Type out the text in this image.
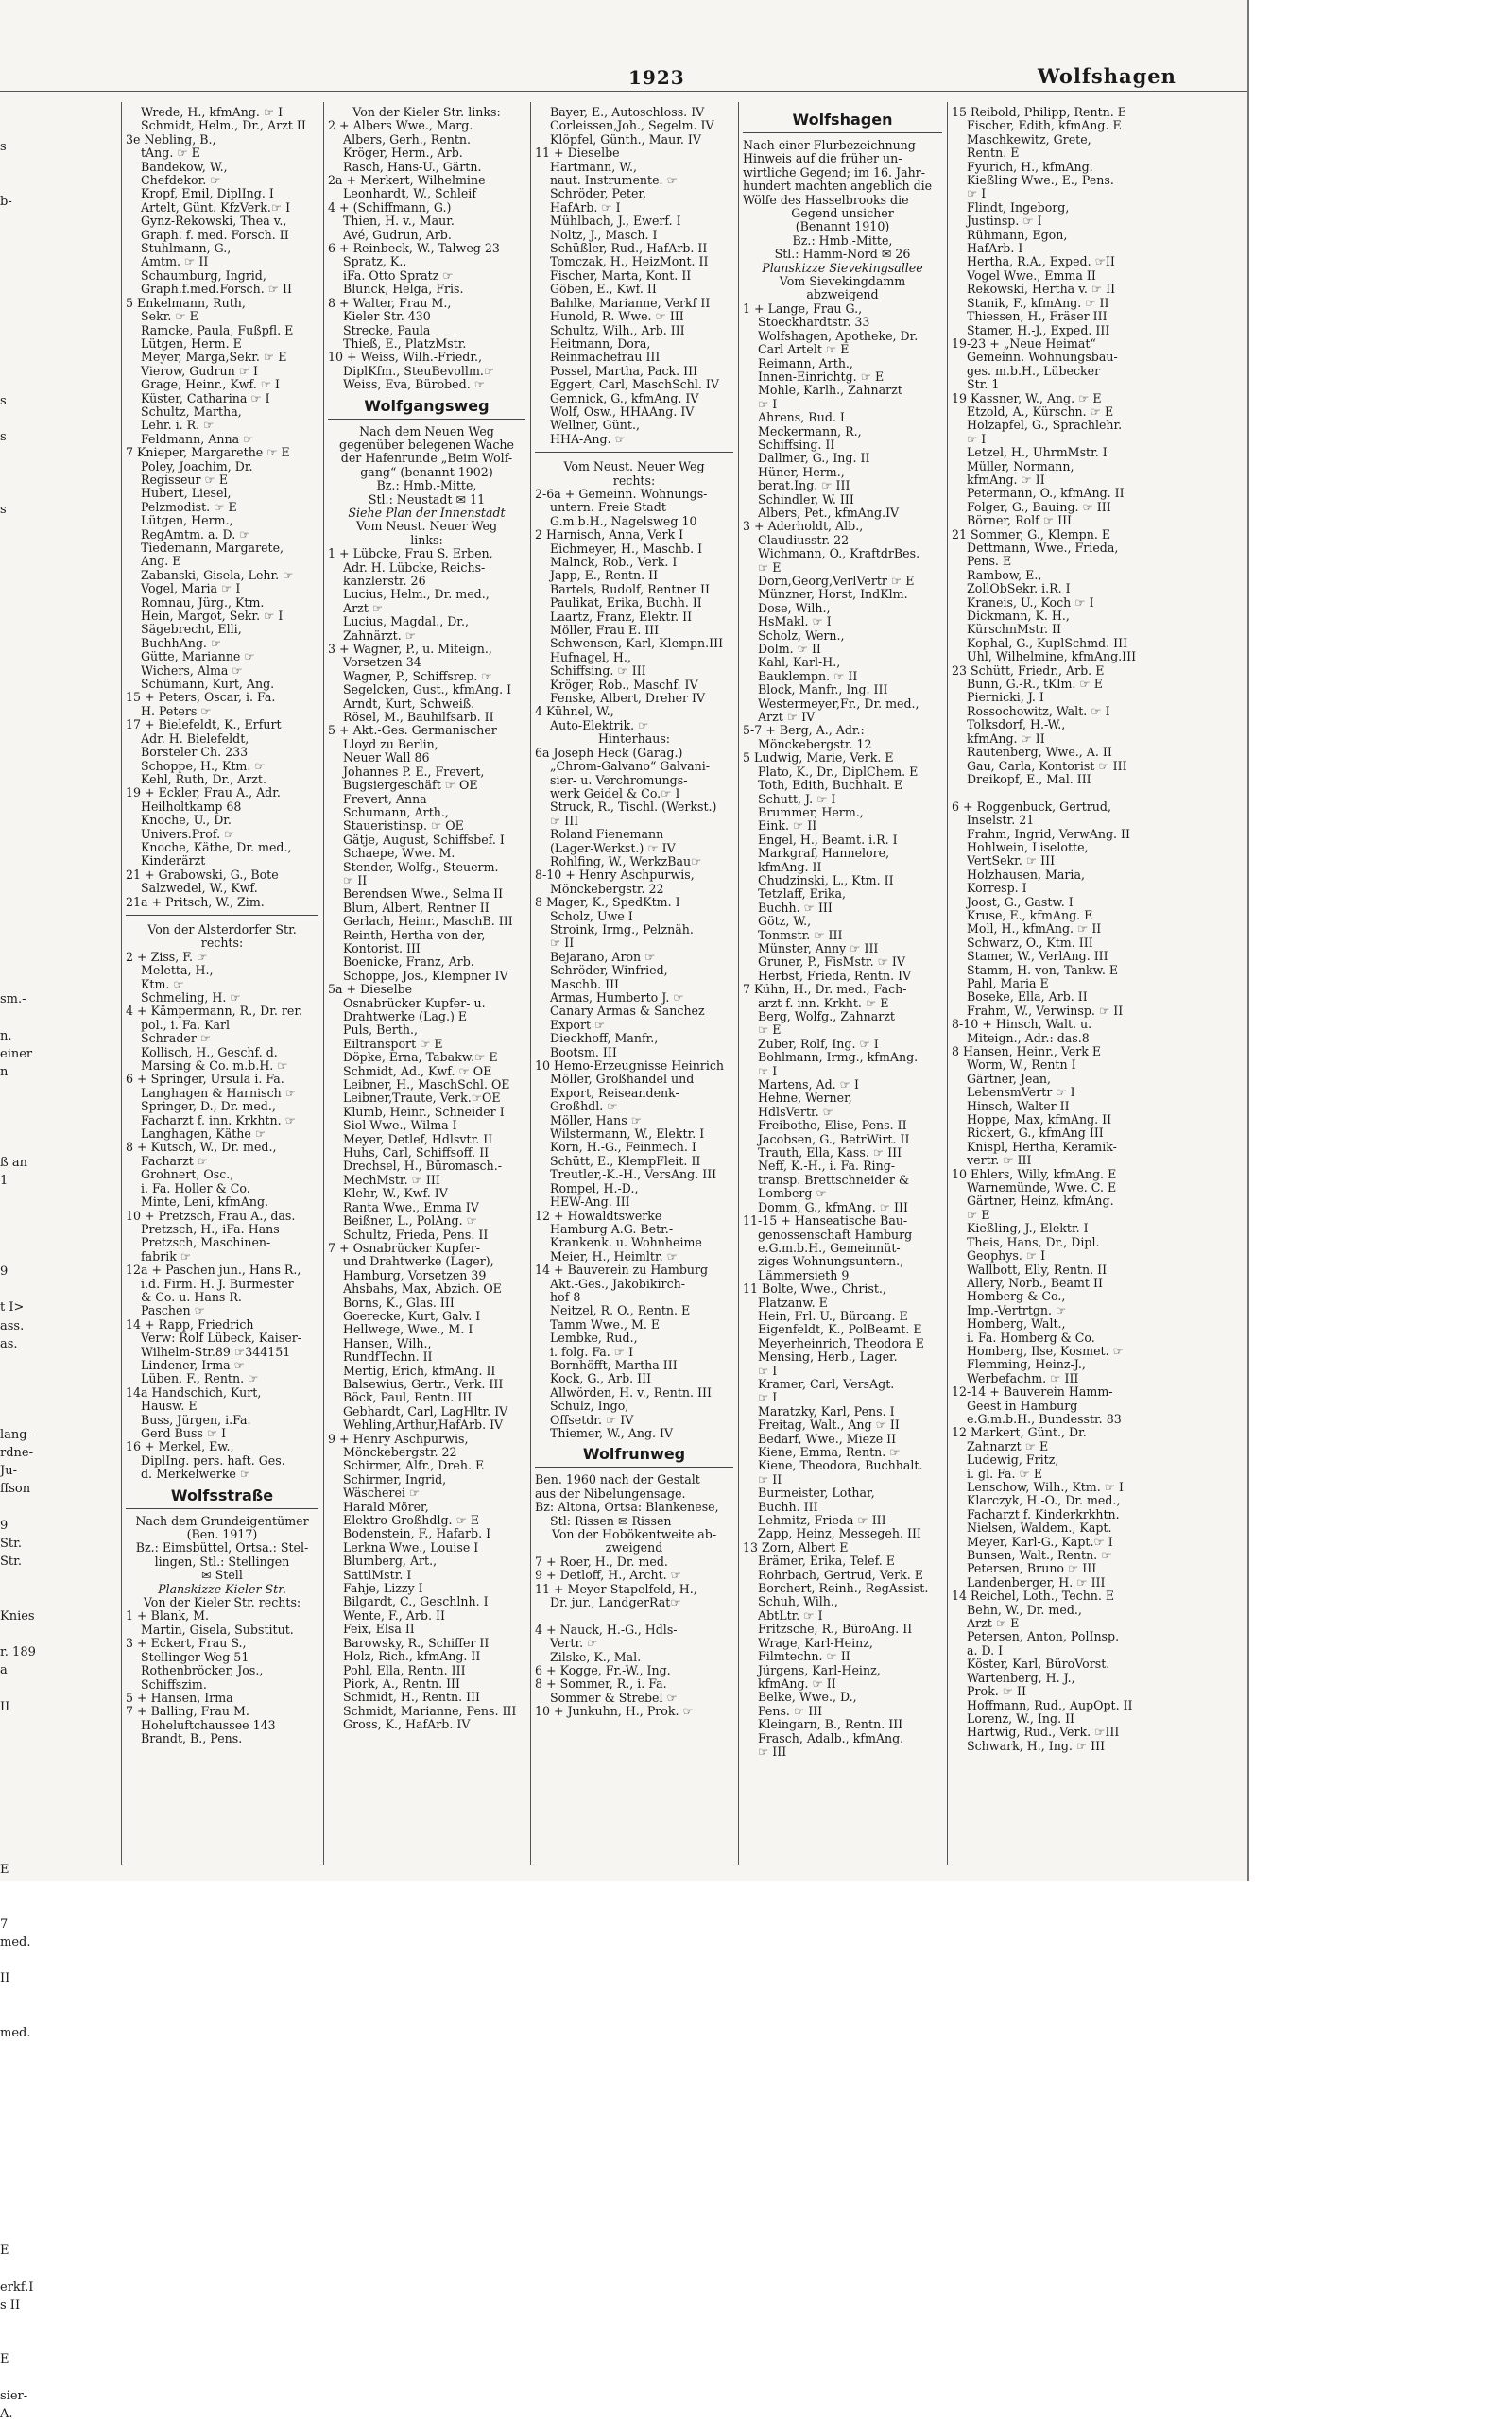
1923	Wolfshagen
s
b-
s
s
s
sm.-
n.
einer
n
ß an
1
9
t I>
ass.
as.
lang-
rdne-
Ju-
ffson
9
Str.
Str.
Knies
r. 189
a
II
E
7
med.
II
med.
E
erkf.I
s II
E
sier-
A.
Wrede, H., kfmAng. ☞ I
Schmidt, Helm., Dr., Arzt II
3e Nebling, B.,
tAng. ☞ E
Bandekow, W.,
Chefdekor. ☞
Kropf, Emil, DiplIng. I
Artelt, Günt. KfzVerk.☞ I
Gynz-Rekowski, Thea v.,
Graph. f. med. Forsch. II
Stuhlmann, G.,
Amtm. ☞ II
Schaumburg, Ingrid,
Graph.f.med.Forsch. ☞ II
5 Enkelmann, Ruth,
Sekr. ☞ E
Ramcke, Paula, Fußpfl. E
Lütgen, Herm. E
Meyer, Marga,Sekr. ☞ E
Vierow, Gudrun ☞ I
Grage, Heinr., Kwf. ☞ I
Küster, Catharina ☞ I
Schultz, Martha,
Lehr. i. R. ☞
Feldmann, Anna ☞
7 Knieper, Margarethe ☞ E
Poley, Joachim, Dr.
Regisseur ☞ E
Hubert, Liesel,
Pelzmodist. ☞ E
Lütgen, Herm.,
RegAmtm. a. D. ☞
Tiedemann, Margarete,
Ang. E
Zabanski, Gisela, Lehr. ☞
Vogel, Maria ☞ I
Romnau, Jürg., Ktm.
Hein, Margot, Sekr. ☞ I
Sägebrecht, Elli,
BuchhAng. ☞
Gütte, Marianne ☞
Wichers, Alma ☞
Schümann, Kurt, Ang.
15 + Peters, Oscar, i. Fa.
H. Peters ☞
17 + Bielefeldt, K., Erfurt
Adr. H. Bielefeldt,
Borsteler Ch. 233
Schoppe, H., Ktm. ☞
Kehl, Ruth, Dr., Arzt.
19 + Eckler, Frau A., Adr.
Heilholtkamp 68
Knoche, U., Dr.
Univers.Prof. ☞
Knoche, Käthe, Dr. med.,
Kinderärzt
21 + Grabowski, G., Bote
Salzwedel, W., Kwf.
21a + Pritsch, W., Zim.
Von der Alsterdorfer Str.
rechts:
2 + Ziss, F. ☞
Meletta, H.,
Ktm. ☞
Schmeling, H. ☞
4 + Kämpermann, R., Dr. rer.
pol., i. Fa. Karl
Schrader ☞
Kollisch, H., Geschf. d.
Marsing & Co. m.b.H. ☞
6 + Springer, Ursula i. Fa.
Langhagen & Harnisch ☞
Springer, D., Dr. med.,
Facharzt f. inn. Krkhtn. ☞
Langhagen, Käthe ☞
8 + Kutsch, W., Dr. med.,
Facharzt ☞
Grohnert, Osc.,
i. Fa. Holler & Co.
Minte, Leni, kfmAng.
10 + Pretzsch, Frau A., das.
Pretzsch, H., iFa. Hans
Pretzsch, Maschinen-
fabrik ☞
12a + Paschen jun., Hans R.,
i.d. Firm. H. J. Burmester
& Co. u. Hans R.
Paschen ☞
14 + Rapp, Friedrich
Verw: Rolf Lübeck, Kaiser-
Wilhelm-Str.89 ☞344151
Lindener, Irma ☞
Lüben, F., Rentn. ☞
14a Handschich, Kurt,
Hausw. E
Buss, Jürgen, i.Fa.
Gerd Buss ☞ I
16 + Merkel, Ew.,
DiplIng. pers. haft. Ges.
d. Merkelwerke ☞
Wolfsstraße
Nach dem Grundeigentümer
(Ben. 1917)
Bz.: Eimsbüttel, Ortsa.: Stel-
lingen, Stl.: Stellingen
✉ Stell
Planskizze Kieler Str.
Von der Kieler Str. rechts:
1 + Blank, M.
Martin, Gisela, Substitut.
3 + Eckert, Frau S.,
Stellinger Weg 51
Rothenbröcker, Jos.,
Schiffszim.
5 + Hansen, Irma
7 + Balling, Frau M.
Hoheluftchaussee 143
Brandt, B., Pens.
Von der Kieler Str. links:
2 + Albers Wwe., Marg.
Albers, Gerh., Rentn.
Kröger, Herm., Arb.
Rasch, Hans-U., Gärtn.
2a + Merkert, Wilhelmine
Leonhardt, W., Schleif
4 + (Schiffmann, G.)
Thien, H. v., Maur.
Avé, Gudrun, Arb.
6 + Reinbeck, W., Talweg 23
Spratz, K.,
iFa. Otto Spratz ☞
Blunck, Helga, Fris.
8 + Walter, Frau M.,
Kieler Str. 430
Strecke, Paula
Thieß, E., PlatzMstr.
10 + Weiss, Wilh.-Friedr.,
DiplKfm., SteuBevollm.☞
Weiss, Eva, Bürobed. ☞
Wolfgangsweg
Nach dem Neuen Weg
gegenüber belegenen Wache
der Hafenrunde „Beim Wolf-
gang“ (benannt 1902)
Bz.: Hmb.-Mitte,
Stl.: Neustadt ✉ 11
Siehe Plan der Innenstadt
Vom Neust. Neuer Weg
links:
1 + Lübcke, Frau S. Erben,
Adr. H. Lübcke, Reichs-
kanzlerstr. 26
Lucius, Helm., Dr. med.,
Arzt ☞
Lucius, Magdal., Dr.,
Zahnärzt. ☞
3 + Wagner, P., u. Miteign.,
Vorsetzen 34
Wagner, P., Schiffsrep. ☞
Segelcken, Gust., kfmAng. I
Arndt, Kurt, Schweiß.
Rösel, M., Bauhilfsarb. II
5 + Akt.-Ges. Germanischer
Lloyd zu Berlin,
Neuer Wall 86
Johannes P. E., Frevert,
Bugsiergeschäft ☞ OE
Frevert, Anna
Schumann, Arth.,
Staueristinsp. ☞ OE
Gätje, August, Schiffsbef. I
Schaepe, Wwe. M.
Stender, Wolfg., Steuerm.
☞ II
Berendsen Wwe., Selma II
Blum, Albert, Rentner II
Gerlach, Heinr., MaschB. III
Reinth, Hertha von der,
Kontorist. III
Boenicke, Franz, Arb.
Schoppe, Jos., Klempner IV
5a + Dieselbe
Osnabrücker Kupfer- u.
Drahtwerke (Lag.) E
Puls, Berth.,
Eiltransport ☞ E
Döpke, Erna, Tabakw.☞ E
Schmidt, Ad., Kwf. ☞ OE
Leibner, H., MaschSchl. OE
Leibner,Traute, Verk.☞OE
Klumb, Heinr., Schneider I
Siol Wwe., Wilma I
Meyer, Detlef, Hdlsvtr. II
Huhs, Carl, Schiffsoff. II
Drechsel, H., Büromasch.-
MechMstr. ☞ III
Klehr, W., Kwf. IV
Ranta Wwe., Emma IV
Beißner, L., PolAng. ☞
Schultz, Frieda, Pens. II
7 + Osnabrücker Kupfer-
und Drahtwerke (Lager),
Hamburg, Vorsetzen 39
Ahsbahs, Max, Abzich. OE
Borns, K., Glas. III
Goerecke, Kurt, Galv. I
Hellwege, Wwe., M. I
Hansen, Wilh.,
RundfTechn. II
Mertig, Erich, kfmAng. II
Balsewius, Gertr., Verk. III
Böck, Paul, Rentn. III
Gebhardt, Carl, LagHltr. IV
Wehling,Arthur,HafArb. IV
9 + Henry Aschpurwis,
Mönckebergstr. 22
Schirmer, Alfr., Dreh. E
Schirmer, Ingrid,
Wäscherei ☞
Harald Mörer,
Elektro-Großhdlg. ☞ E
Bodenstein, F., Hafarb. I
Lerkna Wwe., Louise I
Blumberg, Art.,
SattlMstr. I
Fahje, Lizzy I
Bilgardt, C., Geschlnh. I
Wente, F., Arb. II
Feix, Elsa II
Barowsky, R., Schiffer II
Holz, Rich., kfmAng. II
Pohl, Ella, Rentn. III
Piork, A., Rentn. III
Schmidt, H., Rentn. III
Schmidt, Marianne, Pens. III
Gross, K., HafArb. IV
Bayer, E., Autoschloss. IV
Corleissen,Joh., Segelm. IV
Klöpfel, Günth., Maur. IV
11 + Dieselbe
Hartmann, W.,
naut. Instrumente. ☞
Schröder, Peter,
HafArb. ☞ I
Mühlbach, J., Ewerf. I
Noltz, J., Masch. I
Schüßler, Rud., HafArb. II
Tomczak, H., HeizMont. II
Fischer, Marta, Kont. II
Göben, E., Kwf. II
Bahlke, Marianne, Verkf II
Hunold, R. Wwe. ☞ III
Schultz, Wilh., Arb. III
Heitmann, Dora,
Reinmachefrau III
Possel, Martha, Pack. III
Eggert, Carl, MaschSchl. IV
Gemnick, G., kfmAng. IV
Wolf, Osw., HHAAng. IV
Wellner, Günt.,
HHA-Ang. ☞
Vom Neust. Neuer Weg
rechts:
2-6a + Gemeinn. Wohnungs-
untern. Freie Stadt
G.m.b.H., Nagelsweg 10
2 Harnisch, Anna, Verk I
Eichmeyer, H., Maschb. I
Malnck, Rob., Verk. I
Japp, E., Rentn. II
Bartels, Rudolf, Rentner II
Paulikat, Erika, Buchh. II
Laartz, Franz, Elektr. II
Möller, Frau E. III
Schwensen, Karl, Klempn.III
Hufnagel, H.,
Schiffsing. ☞ III
Kröger, Rob., Maschf. IV
Fenske, Albert, Dreher IV
4 Kühnel, W.,
Auto-Elektrik. ☞
Hinterhaus:
6a Joseph Heck (Garag.)
„Chrom-Galvano“ Galvani-
sier- u. Verchromungs-
werk Geidel & Co.☞ I
Struck, R., Tischl. (Werkst.)
☞ III
Roland Fienemann
(Lager-Werkst.) ☞ IV
Rohlfing, W., WerkzBau☞
8-10 + Henry Aschpurwis,
Mönckebergstr. 22
8 Mager, K., SpedKtm. I
Scholz, Uwe I
Stroink, Irmg., Pelznäh.
☞ II
Bejarano, Aron ☞
Schröder, Winfried,
Maschb. III
Armas, Humberto J. ☞
Canary Armas & Sanchez
Export ☞
Dieckhoff, Manfr.,
Bootsm. III
10 Hemo-Erzeugnisse Heinrich
Möller, Großhandel und
Export, Reiseandenk-
Großhdl. ☞
Möller, Hans ☞
Wilstermann, W., Elektr. I
Korn, H.-G., Feinmech. I
Schütt, E., KlempFleit. II
Treutler,-K.-H., VersAng. III
Rompel, H.-D.,
HEW-Ang. III
12 + Howaldtswerke
Hamburg A.G. Betr.-
Krankenk. u. Wohnheime
Meier, H., Heimltr. ☞
14 + Bauverein zu Hamburg
Akt.-Ges., Jakobikirch-
hof 8
Neitzel, R. O., Rentn. E
Tamm Wwe., M. E
Lembke, Rud.,
i. folg. Fa. ☞ I
Bornhöfft, Martha III
Kock, G., Arb. III
Allwörden, H. v., Rentn. III
Schulz, Ingo,
Offsetdr. ☞ IV
Thiemer, W., Ang. IV
Wolfrunweg
Ben. 1960 nach der Gestalt
aus der Nibelungensage.
Bz: Altona, Ortsa: Blankenese,
Stl: Rissen ✉ Rissen
Von der Hobökentweite ab-
zweigend
7 + Roer, H., Dr. med.
9 + Detloff, H., Archt. ☞
11 + Meyer-Stapelfeld, H.,
Dr. jur., LandgerRat☞
4 + Nauck, H.-G., Hdls-
Vertr. ☞
Zilske, K., Mal.
6 + Kogge, Fr.-W., Ing.
8 + Sommer, R., i. Fa.
Sommer & Strebel ☞
10 + Junkuhn, H., Prok. ☞
Wolfshagen
Nach einer Flurbezeichnung
Hinweis auf die früher un-
wirtliche Gegend; im 16. Jahr-
hundert machten angeblich die
Wölfe des Hasselbrooks die
Gegend unsicher
(Benannt 1910)
Bz.: Hmb.-Mitte,
Stl.: Hamm-Nord ✉ 26
Planskizze Sievekingsallee
Vom Sievekingdamm
abzweigend
1 + Lange, Frau G.,
Stoeckhardtstr. 33
Wolfshagen, Apotheke, Dr.
Carl Artelt ☞ E
Reimann, Arth.,
Innen-Einrichtg. ☞ E
Mohle, Karlh., Zahnarzt
☞ I
Ahrens, Rud. I
Meckermann, R.,
Schiffsing. II
Dallmer, G., Ing. II
Hüner, Herm.,
berat.Ing. ☞ III
Schindler, W. III
Albers, Pet., kfmAng.IV
3 + Aderholdt, Alb.,
Claudiusstr. 22
Wichmann, O., KraftdrBes.
☞ E
Dorn,Georg,VerlVertr ☞ E
Münzner, Horst, IndKlm.
Dose, Wilh.,
HsMakl. ☞ I
Scholz, Wern.,
Dolm. ☞ II
Kahl, Karl-H.,
Bauklempn. ☞ II
Block, Manfr., Ing. III
Westermeyer,Fr., Dr. med.,
Arzt ☞ IV
5-7 + Berg, A., Adr.:
Mönckebergstr. 12
5 Ludwig, Marie, Verk. E
Plato, K., Dr., DiplChem. E
Toth, Edith, Buchhalt. E
Schutt, J. ☞ I
Brummer, Herm.,
Eink. ☞ II
Engel, H., Beamt. i.R. I
Markgraf, Hannelore,
kfmAng. II
Chudzinski, L., Ktm. II
Tetzlaff, Erika,
Buchh. ☞ III
Götz, W.,
Tonmstr. ☞ III
Münster, Anny ☞ III
Gruner, P., FisMstr. ☞ IV
Herbst, Frieda, Rentn. IV
7 Kühn, H., Dr. med., Fach-
arzt f. inn. Krkht. ☞ E
Berg, Wolfg., Zahnarzt
☞ E
Zuber, Rolf, Ing. ☞ I
Bohlmann, Irmg., kfmAng.
☞ I
Martens, Ad. ☞ I
Hehne, Werner,
HdlsVertr. ☞
Freibothe, Elise, Pens. II
Jacobsen, G., BetrWirt. II
Trauth, Ella, Kass. ☞ III
Neff, K.-H., i. Fa. Ring-
transp. Brettschneider &
Lomberg ☞
Domm, G., kfmAng. ☞ III
11-15 + Hanseatische Bau-
genossenschaft Hamburg
e.G.m.b.H., Gemeinnüt-
ziges Wohnungsuntern.,
Lämmersieth 9
11 Bolte, Wwe., Christ.,
Platzanw. E
Hein, Frl. U., Büroang. E
Eigenfeldt, K., PolBeamt. E
Meyerheinrich, Theodora E
Mensing, Herb., Lager.
☞ I
Kramer, Carl, VersAgt.
☞ I
Maratzky, Karl, Pens. I
Freitag, Walt., Ang ☞ II
Bedarf, Wwe., Mieze II
Kiene, Emma, Rentn. ☞
Kiene, Theodora, Buchhalt.
☞ II
Burmeister, Lothar,
Buchh. III
Lehmitz, Frieda ☞ III
Zapp, Heinz, Messegeh. III
13 Zorn, Albert E
Brämer, Erika, Telef. E
Rohrbach, Gertrud, Verk. E
Borchert, Reinh., RegAssist.
Schuh, Wilh.,
AbtLtr. ☞ I
Fritzsche, R., BüroAng. II
Wrage, Karl-Heinz,
Filmtechn. ☞ II
Jürgens, Karl-Heinz,
kfmAng. ☞ II
Belke, Wwe., D.,
Pens. ☞ III
Kleingarn, B., Rentn. III
Frasch, Adalb., kfmAng.
☞ III
15 Reibold, Philipp, Rentn. E
Fischer, Edith, kfmAng. E
Maschkewitz, Grete,
Rentn. E
Fyurich, H., kfmAng.
Kießling Wwe., E., Pens.
☞ I
Flindt, Ingeborg,
Justinsp. ☞ I
Rühmann, Egon,
HafArb. I
Hertha, R.A., Exped. ☞II
Vogel Wwe., Emma II
Rekowski, Hertha v. ☞ II
Stanik, F., kfmAng. ☞ II
Thiessen, H., Fräser III
Stamer, H.-J., Exped. III
19-23 + „Neue Heimat“
Gemeinn. Wohnungsbau-
ges. m.b.H., Lübecker
Str. 1
19 Kassner, W., Ang. ☞ E
Etzold, A., Kürschn. ☞ E
Holzapfel, G., Sprachlehr.
☞ I
Letzel, H., UhrmMstr. I
Müller, Normann,
kfmAng. ☞ II
Petermann, O., kfmAng. II
Folger, G., Bauing. ☞ III
Börner, Rolf ☞ III
21 Sommer, G., Klempn. E
Dettmann, Wwe., Frieda,
Pens. E
Rambow, E.,
ZollObSekr. i.R. I
Kraneis, U., Koch ☞ I
Dickmann, K. H.,
KürschnMstr. II
Kophal, G., KuplSchmd. III
Uhl, Wilhelmine, kfmAng.III
23 Schütt, Friedr., Arb. E
Bunn, G.-R., tKlm. ☞ E
Piernicki, J. I
Rossochowitz, Walt. ☞ I
Tolksdorf, H.-W.,
kfmAng. ☞ II
Rautenberg, Wwe., A. II
Gau, Carla, Kontorist ☞ III
Dreikopf, E., Mal. III
6 + Roggenbuck, Gertrud,
Inselstr. 21
Frahm, Ingrid, VerwAng. II
Hohlwein, Liselotte,
VertSekr. ☞ III
Holzhausen, Maria,
Korresp. I
Joost, G., Gastw. I
Kruse, E., kfmAng. E
Moll, H., kfmAng. ☞ II
Schwarz, O., Ktm. III
Stamer, W., VerlAng. III
Stamm, H. von, Tankw. E
Pahl, Maria E
Boseke, Ella, Arb. II
Frahm, W., Verwinsp. ☞ II
8-10 + Hinsch, Walt. u.
Miteign., Adr.: das.8
8 Hansen, Heinr., Verk E
Worm, W., Rentn I
Gärtner, Jean,
LebensmVertr ☞ I
Hinsch, Walter II
Hoppe, Max, kfmAng. II
Rickert, G., kfmAng III
Knispl, Hertha, Keramik-
vertr. ☞ III
10 Ehlers, Willy, kfmAng. E
Warnemünde, Wwe. C. E
Gärtner, Heinz, kfmAng.
☞ E
Kießling, J., Elektr. I
Theis, Hans, Dr., Dipl.
Geophys. ☞ I
Wallbott, Elly, Rentn. II
Allery, Norb., Beamt II
Homberg & Co.,
Imp.-Vertrtgn. ☞
Homberg, Walt.,
i. Fa. Homberg & Co.
Homberg, Ilse, Kosmet. ☞
Flemming, Heinz-J.,
Werbefachm. ☞ III
12-14 + Bauverein Hamm-
Geest in Hamburg
e.G.m.b.H., Bundesstr. 83
12 Markert, Günt., Dr.
Zahnarzt ☞ E
Ludewig, Fritz,
i. gl. Fa. ☞ E
Lenschow, Wilh., Ktm. ☞ I
Klarczyk, H.-O., Dr. med.,
Facharzt f. Kinderkrkhtn.
Nielsen, Waldem., Kapt.
Meyer, Karl-G., Kapt.☞ I
Bunsen, Walt., Rentn. ☞
Petersen, Bruno ☞ III
Landenberger, H. ☞ III
14 Reichel, Loth., Techn. E
Behn, W., Dr. med.,
Arzt ☞ E
Petersen, Anton, PolInsp.
a. D. I
Köster, Karl, BüroVorst.
Wartenberg, H. J.,
Prok. ☞ II
Hoffmann, Rud., AupOpt. II
Lorenz, W., Ing. II
Hartwig, Rud., Verk. ☞III
Schwark, H., Ing. ☞ III
